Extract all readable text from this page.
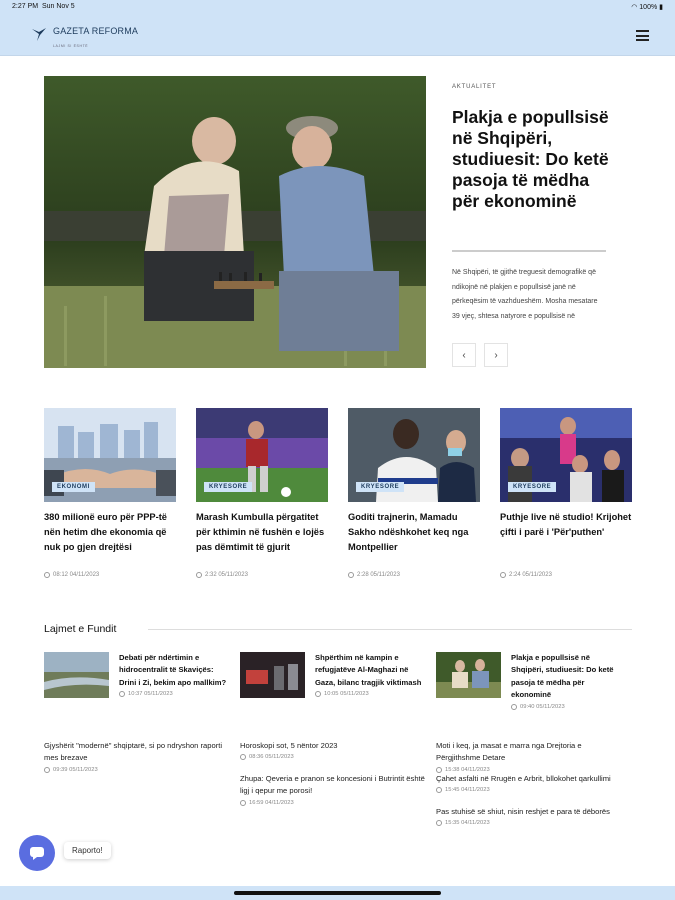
2:27 PM Sun Nov 5	◠ 100% ▮
GAZETA REFORMA
LAJMI SI ËSHTË
AKTUALITET
Plakja e popullsisë në Shqipëri, studiuesit: Do ketë pasoja të mëdha për ekonominë
Në Shqipëri, të gjithë treguesit demografikë që ndikojnë në plakjen e popullsisë janë në përkeqësim të vazhdueshëm. Mosha mesatare 39 vjeç, shtesa natyrore e popullsisë në
‹	›
EKONOMI
380 milionë euro për PPP-të nën hetim dhe ekonomia që nuk po gjen drejtësi
08:12 04/11/2023
KRYESORE
Marash Kumbulla përgatitet për kthimin në fushën e lojës pas dëmtimit të gjurit
2:32 05/11/2023
KRYESORE
Goditi trajnerin, Mamadu Sakho ndëshkohet keq nga Montpellier
2:28 05/11/2023
KRYESORE
Puthje live në studio! Krijohet çifti i parë i 'Për'puthen'
2:24 05/11/2023
Lajmet e Fundit
Debati për ndërtimin e hidrocentralit të Skaviçës: Drini i Zi, bekim apo mallkim?
10:37 05/11/2023
Shpërthim në kampin e refugjatëve Al-Maghazi në Gaza, bilanc tragjik viktimash
10:05 05/11/2023
Plakja e popullsisë në Shqipëri, studiuesit: Do ketë pasoja të mëdha për ekonominë
09:40 05/11/2023
Gjyshërit "modernë" shqiptarë, si po ndryshon raporti mes brezave
09:39 05/11/2023
Horoskopi sot, 5 nëntor 2023
08:36 05/11/2023
Zhupa: Qeveria e pranon se koncesioni i Butrintit është ligj i qepur me porosi!
16:59 04/11/2023
Moti i keq, ja masat e marra nga Drejtoria e Përgjithshme Detare
15:38 04/11/2023
Çahet asfalti në Rrugën e Arbrit, bllokohet qarkullimi
15:45 04/11/2023
Pas stuhisë së shiut, nisin reshjet e para të dëborës
15:35 04/11/2023
Raporto!
